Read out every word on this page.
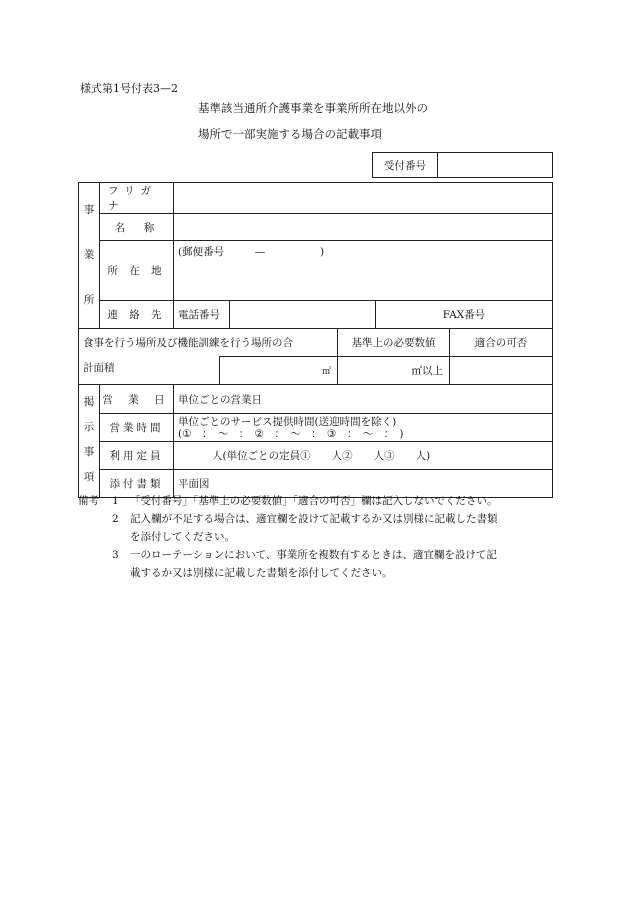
様式第1号付表3—2
基準該当通所介護事業を事業所所在地以外の
場所で一部実施する場合の記載事項
受付番号	
事
業
所	フリガナ							
	名　称							
	所 在 地	(郵便番号 — )						
	連 絡 先	電話番号				FAX番号		
食事を行う場所及び機能訓練を行う場所の合					基準上の必要数値		適合の可否	
計面積			㎡		㎡以上			

掲
示
事
項	営 業 日	単位ごとの営業日						
	営業時間	単位ごとのサービス提供時間(送迎時間を除く)
(①　：　～　：　②　：　～　：　③　：　～　：　)						

	利用定員	人(単位ごとの定員①　　人②　　人③　　人)						
	添付書類	平面図						
備考	1	「受付番号」「基準上の必要数値」「適合の可否」欄は記入しないでください。
2	記入欄が不足する場合は、適宜欄を設けて記載するか又は別様に記載した書類
を添付してください。
3	一のローテーションにおいて、事業所を複数有するときは、適宜欄を設けて記
載するか又は別様に記載した書類を添付してください。
